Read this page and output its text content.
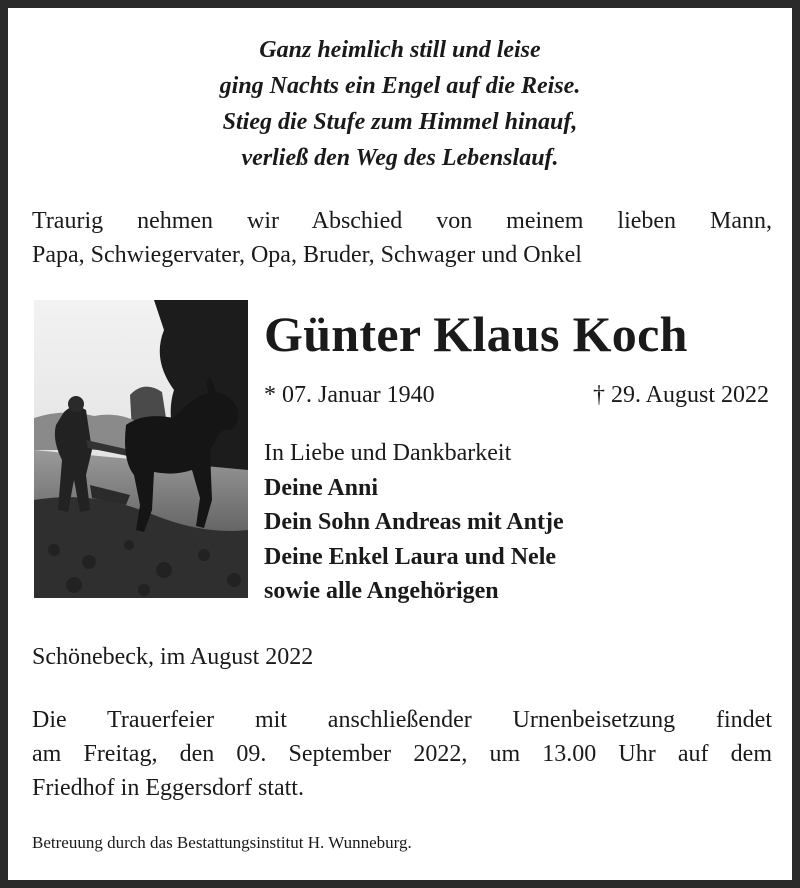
Ganz heimlich still und leise
ging Nachts ein Engel auf die Reise.
Stieg die Stufe zum Himmel hinauf,
verließ den Weg des Lebenslauf.
Traurig nehmen wir Abschied von meinem lieben Mann,
Papa, Schwiegervater, Opa, Bruder, Schwager und Onkel
Günter Klaus Koch
* 07. Januar 1940	† 29. August 2022
In Liebe und Dankbarkeit
Deine Anni
Dein Sohn Andreas mit Antje
Deine Enkel Laura und Nele
sowie alle Angehörigen
Schönebeck, im August 2022
Die Trauerfeier mit anschließender Urnenbeisetzung findet
am Freitag, den 09. September 2022, um 13.00 Uhr auf dem
Friedhof in Eggersdorf statt.
Betreuung durch das Bestattungsinstitut H. Wunneburg.
